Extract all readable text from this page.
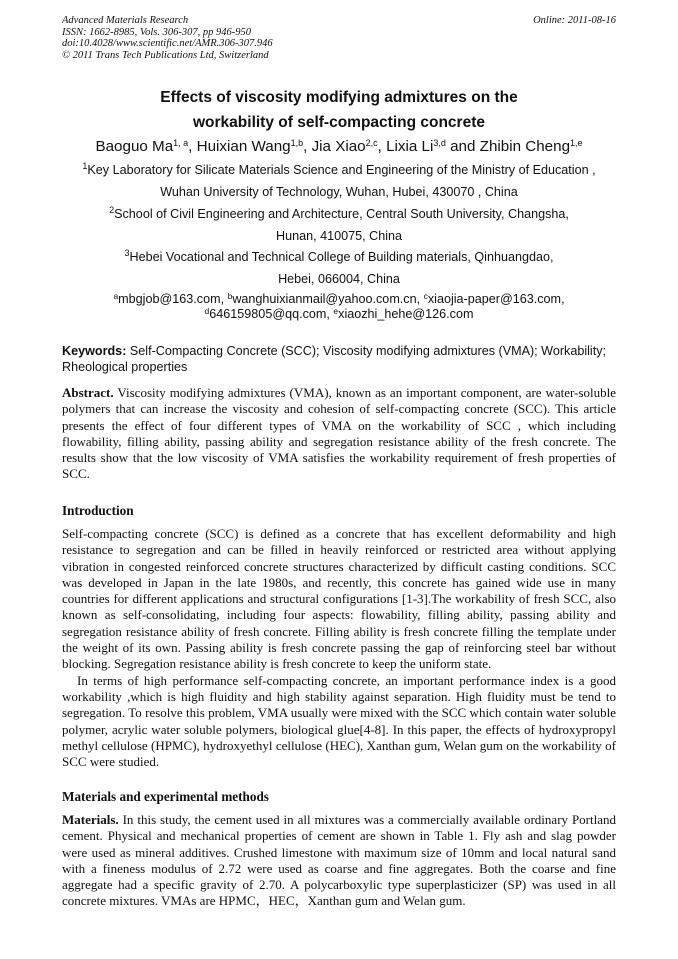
Advanced Materials Research
ISSN: 1662-8985, Vols. 306-307, pp 946-950
doi:10.4028/www.scientific.net/AMR.306-307.946
© 2011 Trans Tech Publications Ltd, Switzerland
Online: 2011-08-16
Effects of viscosity modifying admixtures on the
workability of self-compacting concrete
Baoguo Ma$^{1, a}$, Huixian Wang$^{1,b}$, Jia Xiao$^{2,c}$, Lixia Li$^{3,d}$ and Zhibin Cheng$^{1,e}$
$^1$Key Laboratory for Silicate Materials Science and Engineering of the Ministry of Education ,
Wuhan University of Technology, Wuhan, Hubei, 430070 , China
$^2$School of Civil Engineering and Architecture, Central South University, Changsha,
Hunan, 410075, China
$^3$Hebei Vocational and Technical College of Building materials, Qinhuangdao,
Hebei, 066004, China
$^a$mbgjob@163.com, $^b$wanghuixianmail@yahoo.com.cn, $^c$xiaojia-paper@163.com,
$^d$646159805@qq.com, $^e$xiaozhi_hehe@126.com
Keywords: Self-Compacting Concrete (SCC); Viscosity modifying admixtures (VMA); Workability; Rheological properties

Abstract. Viscosity modifying admixtures (VMA), known as an important component, are water-soluble polymers that can increase the viscosity and cohesion of self-compacting concrete (SCC). This article presents the effect of four different types of VMA on the workability of SCC , which including flowability, filling ability, passing ability and segregation resistance ability of the fresh concrete. The results show that the low viscosity of VMA satisfies the workability requirement of fresh properties of SCC.

Introduction

Self-compacting concrete (SCC) is defined as a concrete that has excellent deformability and high resistance to segregation and can be filled in heavily reinforced or restricted area without applying vibration in congested reinforced concrete structures characterized by difficult casting conditions. SCC was developed in Japan in the late 1980s, and recently, this concrete has gained wide use in many countries for different applications and structural configurations [1-3].The workability of fresh SCC, also known as self-consolidating, including four aspects: flowability, filling ability, passing ability and segregation resistance ability of fresh concrete. Filling ability is fresh concrete filling the template under the weight of its own. Passing ability is fresh concrete passing the gap of reinforcing steel bar without blocking. Segregation resistance ability is fresh concrete to keep the uniform state.

In terms of high performance self-compacting concrete, an important performance index is a good workability ,which is high fluidity and high stability against separation. High fluidity must be tend to segregation. To resolve this problem, VMA usually were mixed with the SCC which contain water soluble polymer, acrylic water soluble polymers, biological glue[4-8]. In this paper, the effects of hydroxypropyl methyl cellulose (HPMC), hydroxyethyl cellulose (HEC), Xanthan gum, Welan gum on the workability of SCC were studied.

Materials and experimental methods

Materials. In this study, the cement used in all mixtures was a commercially available ordinary Portland cement. Physical and mechanical properties of cement are shown in Table 1. Fly ash and slag powder were used as mineral additives. Crushed limestone with maximum size of 10mm and local natural sand with a fineness modulus of 2.72 were used as coarse and fine aggregates. Both the coarse and fine aggregate had a specific gravity of 2.70. A polycarboxylic type superplasticizer (SP) was used in all concrete mixtures. VMAs are HPMC，HEC，Xanthan gum and Welan gum.
